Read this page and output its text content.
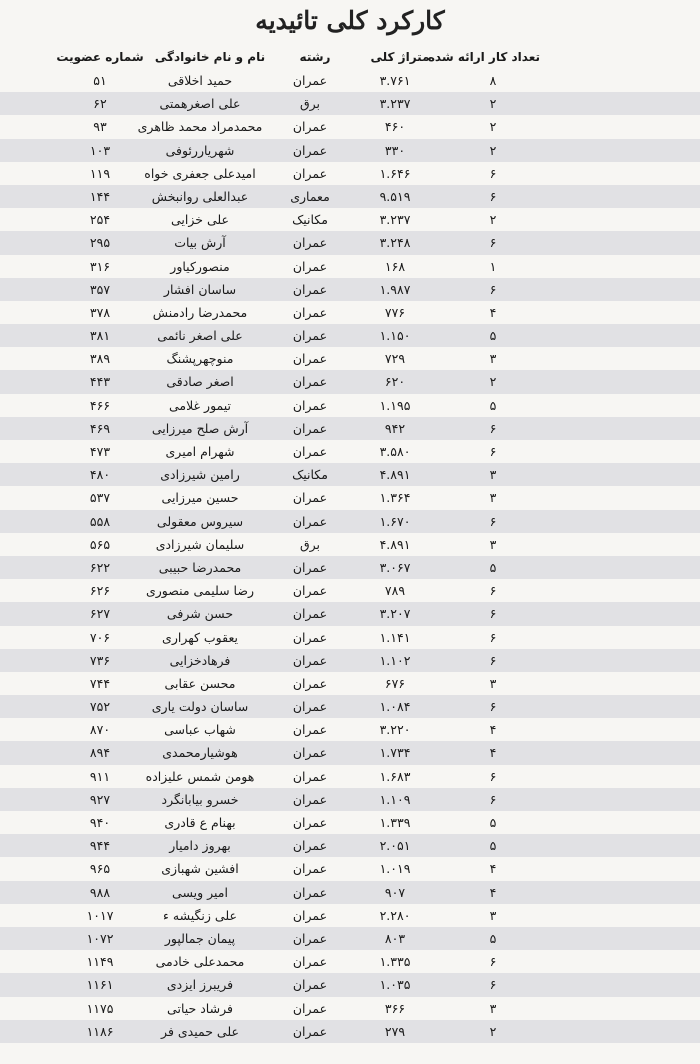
کارکرد کلی تائیدیه
تعداد کار ارائه شده
متراژ کلی
رشته
نام و نام خانوادگی
شماره عضویت
۸
۳.۷۶۱
عمران
حمید اخلاقی
۵۱
۲
۳.۲۳۷
برق
علی اصغرهمتی
۶۲
۲
۴۶۰
عمران
محمدمراد محمد ظاهری
۹۳
۲
۳۳۰
عمران
شهریاررئوفی
۱۰۳
۶
۱.۶۴۶
عمران
امیدعلی جعفری خواه
۱۱۹
۶
۹.۵۱۹
معماری
عبدالعلی روانبخش
۱۴۴
۲
۳.۲۳۷
مکانیک
علی خزایی
۲۵۴
۶
۳.۲۴۸
عمران
آرش بیات
۲۹۵
۱
۱۶۸
عمران
منصورکیاور
۳۱۶
۶
۱.۹۸۷
عمران
ساسان افشار
۳۵۷
۴
۷۷۶
عمران
محمدرضا رادمنش
۳۷۸
۵
۱.۱۵۰
عمران
علی اصغر نائمی
۳۸۱
۳
۷۲۹
عمران
منوچهرپشنگ
۳۸۹
۲
۶۲۰
عمران
اصغر صادقی
۴۴۳
۵
۱.۱۹۵
عمران
تیمور غلامی
۴۶۶
۶
۹۴۲
عمران
آرش صلح میرزایی
۴۶۹
۶
۳.۵۸۰
عمران
شهرام امیری
۴۷۳
۳
۴.۸۹۱
مکانیک
رامین شیرزادی
۴۸۰
۳
۱.۳۶۴
عمران
حسین میرزایی
۵۳۷
۶
۱.۶۷۰
عمران
سیروس معقولی
۵۵۸
۳
۴.۸۹۱
برق
سلیمان شیرزادی
۵۶۵
۵
۳.۰۶۷
عمران
محمدرضا حبیبی
۶۲۲
۶
۷۸۹
عمران
رضا سلیمی منصوری
۶۲۶
۶
۳.۲۰۷
عمران
حسن شرفی
۶۲۷
۶
۱.۱۴۱
عمران
یعقوب کهراری
۷۰۶
۶
۱.۱۰۲
عمران
فرهادخزایی
۷۳۶
۳
۶۷۶
عمران
محسن عقابی
۷۴۴
۶
۱.۰۸۴
عمران
ساسان دولت یاری
۷۵۲
۴
۳.۲۲۰
عمران
شهاب عباسی
۸۷۰
۴
۱.۷۳۴
عمران
هوشیارمحمدی
۸۹۴
۶
۱.۶۸۳
عمران
هومن شمس علیزاده
۹۱۱
۶
۱.۱۰۹
عمران
خسرو بیابانگرد
۹۲۷
۵
۱.۳۳۹
عمران
بهنام ع قادری
۹۴۰
۵
۲.۰۵۱
عمران
بهروز دامیار
۹۴۴
۴
۱.۰۱۹
عمران
افشین شهبازی
۹۶۵
۴
۹۰۷
عمران
امیر ویسی
۹۸۸
۳
۲.۲۸۰
عمران
علی زنگیشه ء
۱۰۱۷
۵
۸۰۳
عمران
پیمان جمالپور
۱۰۷۲
۶
۱.۳۳۵
عمران
محمدعلی خادمی
۱۱۴۹
۶
۱.۰۳۵
عمران
فریبرز ایزدی
۱۱۶۱
۳
۳۶۶
عمران
فرشاد حیاتی
۱۱۷۵
۲
۲۷۹
عمران
علی حمیدی فر
۱۱۸۶
